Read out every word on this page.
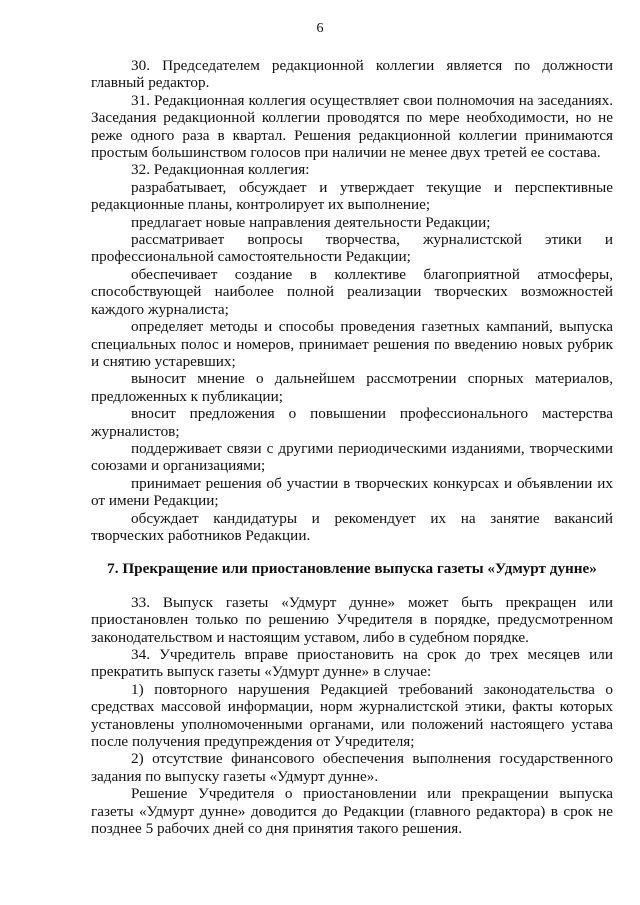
6

30. Председателем редакционной коллегии является по должности главный редактор.

31. Редакционная коллегия осуществляет свои полномочия на заседаниях. Заседания редакционной коллегии проводятся по мере необходимости, но не реже одного раза в квартал. Решения редакционной коллегии принимаются простым большинством голосов при наличии не менее двух третей ее состава.

32. Редакционная коллегия:

разрабатывает, обсуждает и утверждает текущие и перспективные редакционные планы, контролирует их выполнение;

предлагает новые направления деятельности Редакции;

рассматривает вопросы творчества, журналистской этики и профессиональной самостоятельности Редакции;

обеспечивает создание в коллективе благоприятной атмосферы, способствующей наиболее полной реализации творческих возможностей каждого журналиста;

определяет методы и способы проведения газетных кампаний, выпуска специальных полос и номеров, принимает решения по введению новых рубрик и снятию устаревших;

выносит мнение о дальнейшем рассмотрении спорных материалов, предложенных к публикации;

вносит предложения о повышении профессионального мастерства журналистов;

поддерживает связи с другими периодическими изданиями, творческими союзами и организациями;

принимает решения об участии в творческих конкурсах и объявлении их от имени Редакции;

обсуждает кандидатуры и рекомендует их на занятие вакансий творческих работников Редакции.

7. Прекращение или приостановление выпуска газеты «Удмурт дунне»

33. Выпуск газеты «Удмурт дунне» может быть прекращен или приостановлен только по решению Учредителя в порядке, предусмотренном законодательством и настоящим уставом, либо в судебном порядке.

34. Учредитель вправе приостановить на срок до трех месяцев или прекратить выпуск газеты «Удмурт дунне» в случае:

1) повторного нарушения Редакцией требований законодательства о средствах массовой информации, норм журналистской этики, факты которых установлены уполномоченными органами, или положений настоящего устава после получения предупреждения от Учредителя;

2) отсутствие финансового обеспечения выполнения государственного задания по выпуску газеты «Удмурт дунне».

Решение Учредителя о приостановлении или прекращении выпуска газеты «Удмурт дунне» доводится до Редакции (главного редактора) в срок не позднее 5 рабочих дней со дня принятия такого решения.
